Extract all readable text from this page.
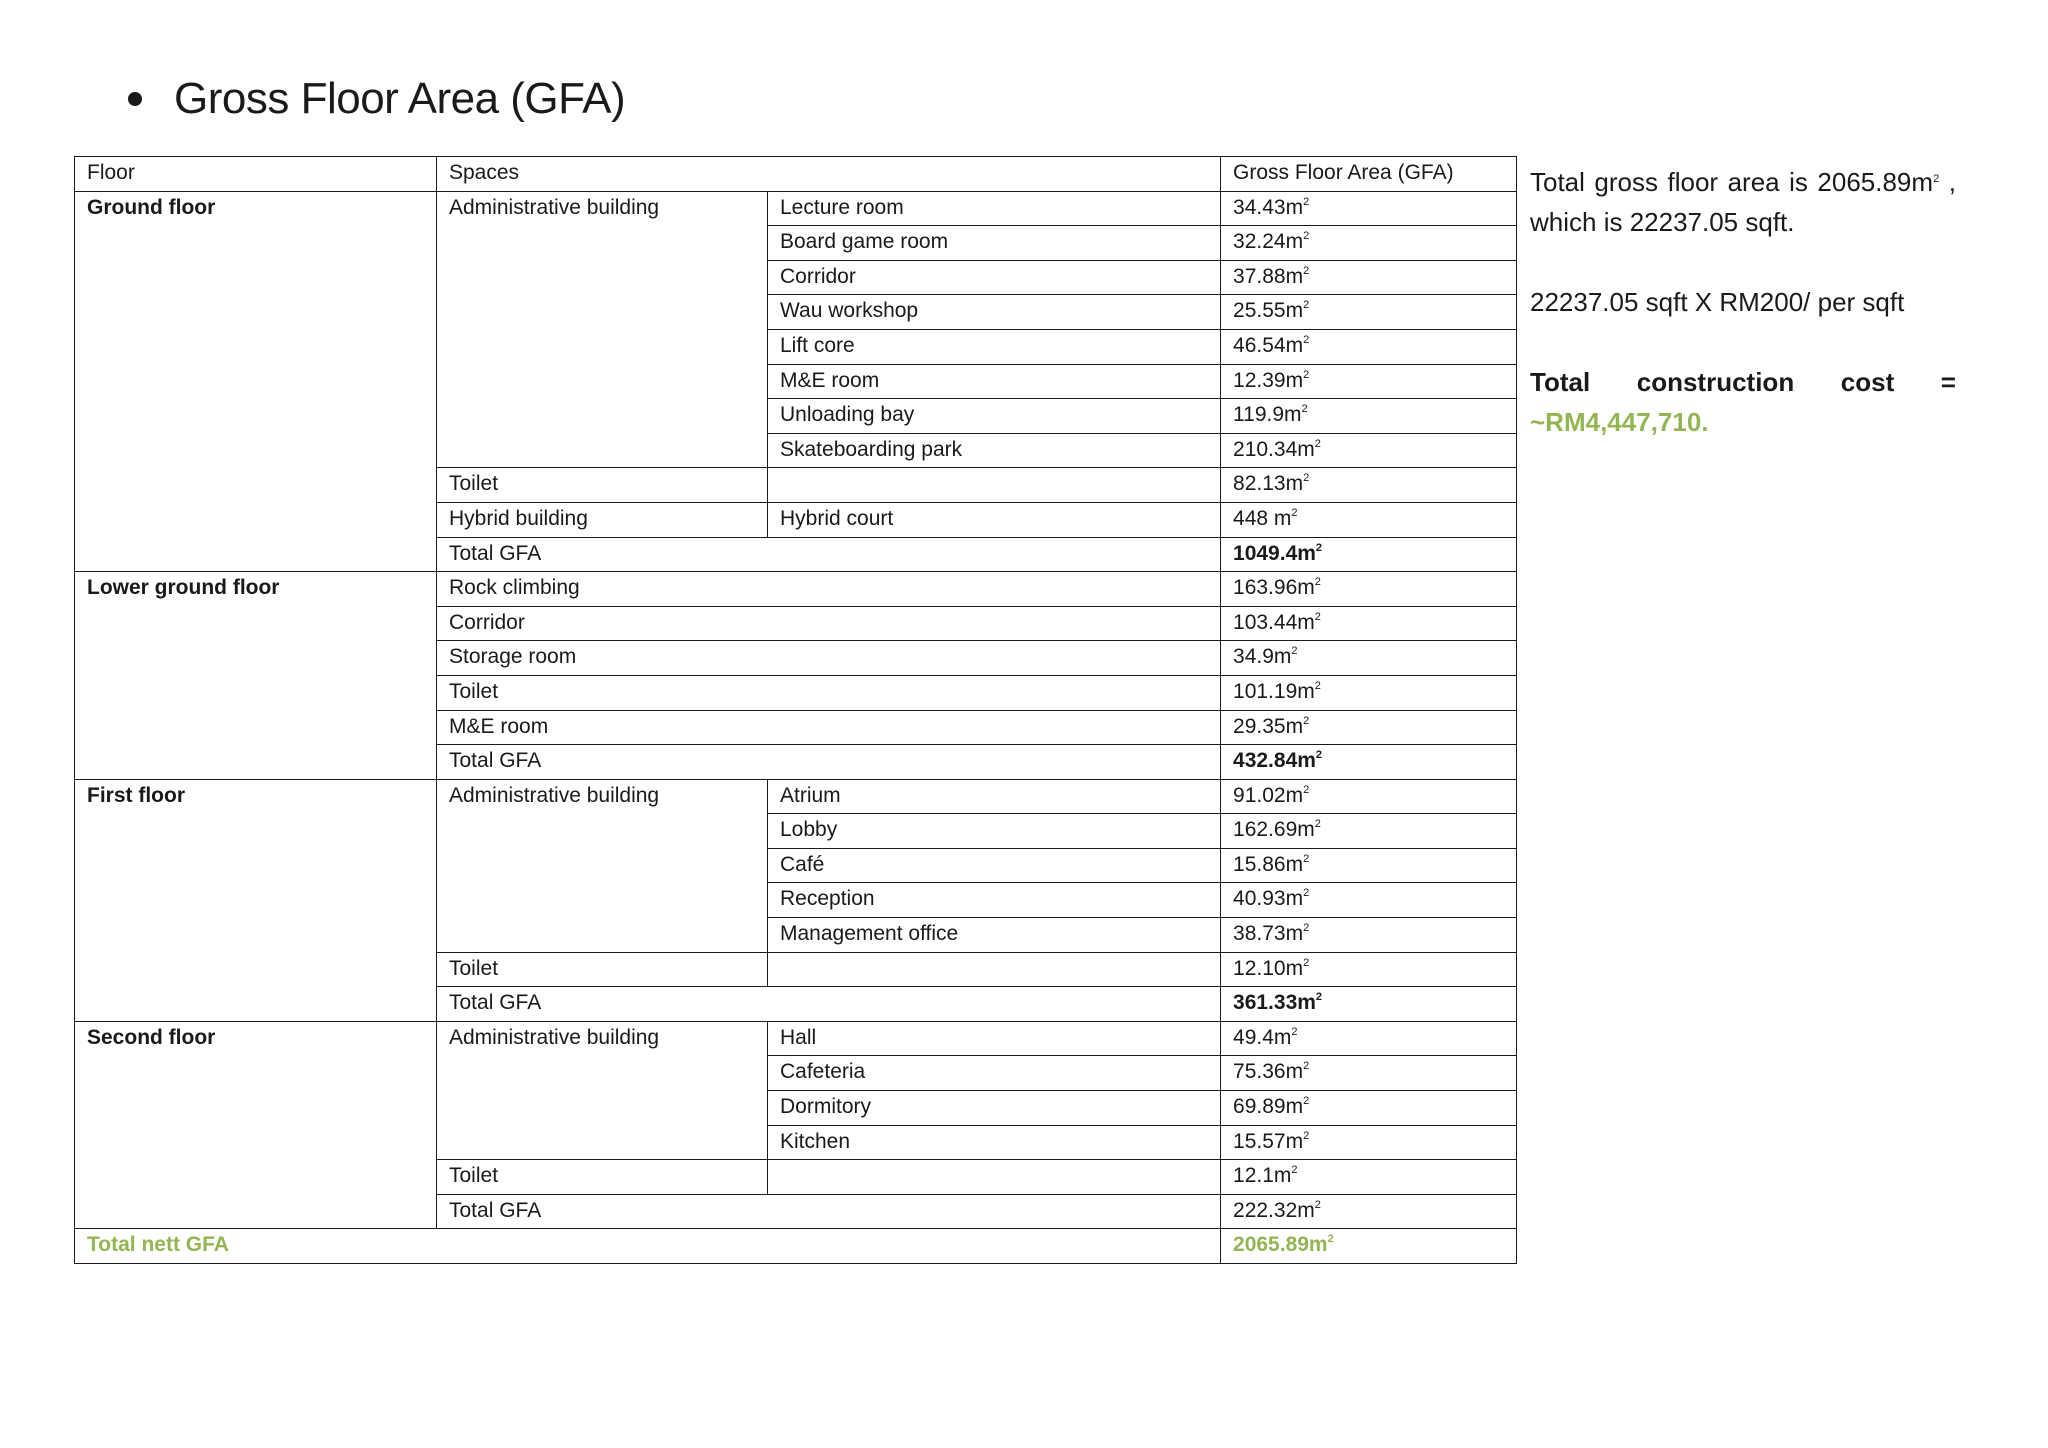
Gross Floor Area (GFA)
Floor	Spaces		Gross Floor Area (GFA)
Ground floor	Administrative building	Lecture room	$34.43m^2$
		Board game room	$32.24m^2$
		Corridor	$37.88m^2$
		Wau workshop	$25.55m^2$
		Lift core	$46.54m^2$
		M&E room	$12.39m^2$
		Unloading bay	$119.9m^2$
		Skateboarding park	$210.34m^2$
	Toilet		$82.13m^2$
	Hybrid building	Hybrid court	448 $m^2$
	Total GFA		$1049.4m^2$
Lower ground floor	Rock climbing		$163.96m^2$
	Corridor		$103.44m^2$
	Storage room		$34.9m^2$
	Toilet		$101.19m^2$
	M&E room		$29.35m^2$
	Total GFA		$432.84m^2$
First floor	Administrative building	Atrium	$91.02m^2$
		Lobby	$162.69m^2$
		Café	$15.86m^2$
		Reception	$40.93m^2$
		Management office	$38.73m^2$
	Toilet		$12.10m^2$
	Total GFA		$361.33m^2$
Second floor	Administrative building	Hall	$49.4m^2$
		Cafeteria	$75.36m^2$
		Dormitory	$69.89m^2$
		Kitchen	$15.57m^2$
	Toilet		$12.1m^2$
	Total GFA		$222.32m^2$
Total nett GFA			$2065.89m^2$

Total gross floor area is $2065.89m^2$ ,

which is 22237.05 sqft.

22237.05 sqft X RM200/ per sqft

Total construction cost =

~RM4,447,710.
